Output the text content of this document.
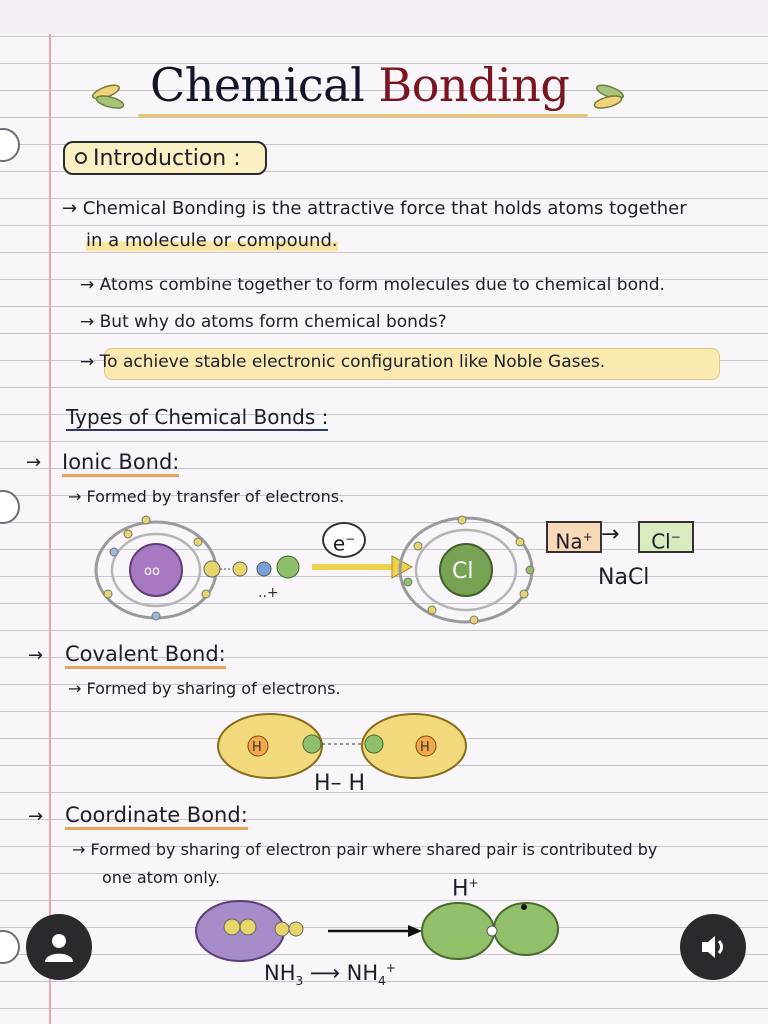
Chemical Bonding
Introduction :
→ Chemical Bonding is the attractive force that holds atoms together
in a molecule or compound.
→ Atoms combine together to form molecules due to chemical bond.
→ But why do atoms form chemical bonds?
→ To achieve stable electronic configuration like Noble Gases.
Types of Chemical Bonds :
→ Ionic Bond:
→ Formed by transfer of electrons.
oo
..+
Cl
e−	Na+ →	Cl−
NaCl
→ Covalent Bond:
→ Formed by sharing of electrons.
H	H
H– H
→ Coordinate Bond:
→ Formed by sharing of electron pair where shared pair is contributed by
one atom only.	H+
$NH_3$ ⟶ $NH_4^+$
